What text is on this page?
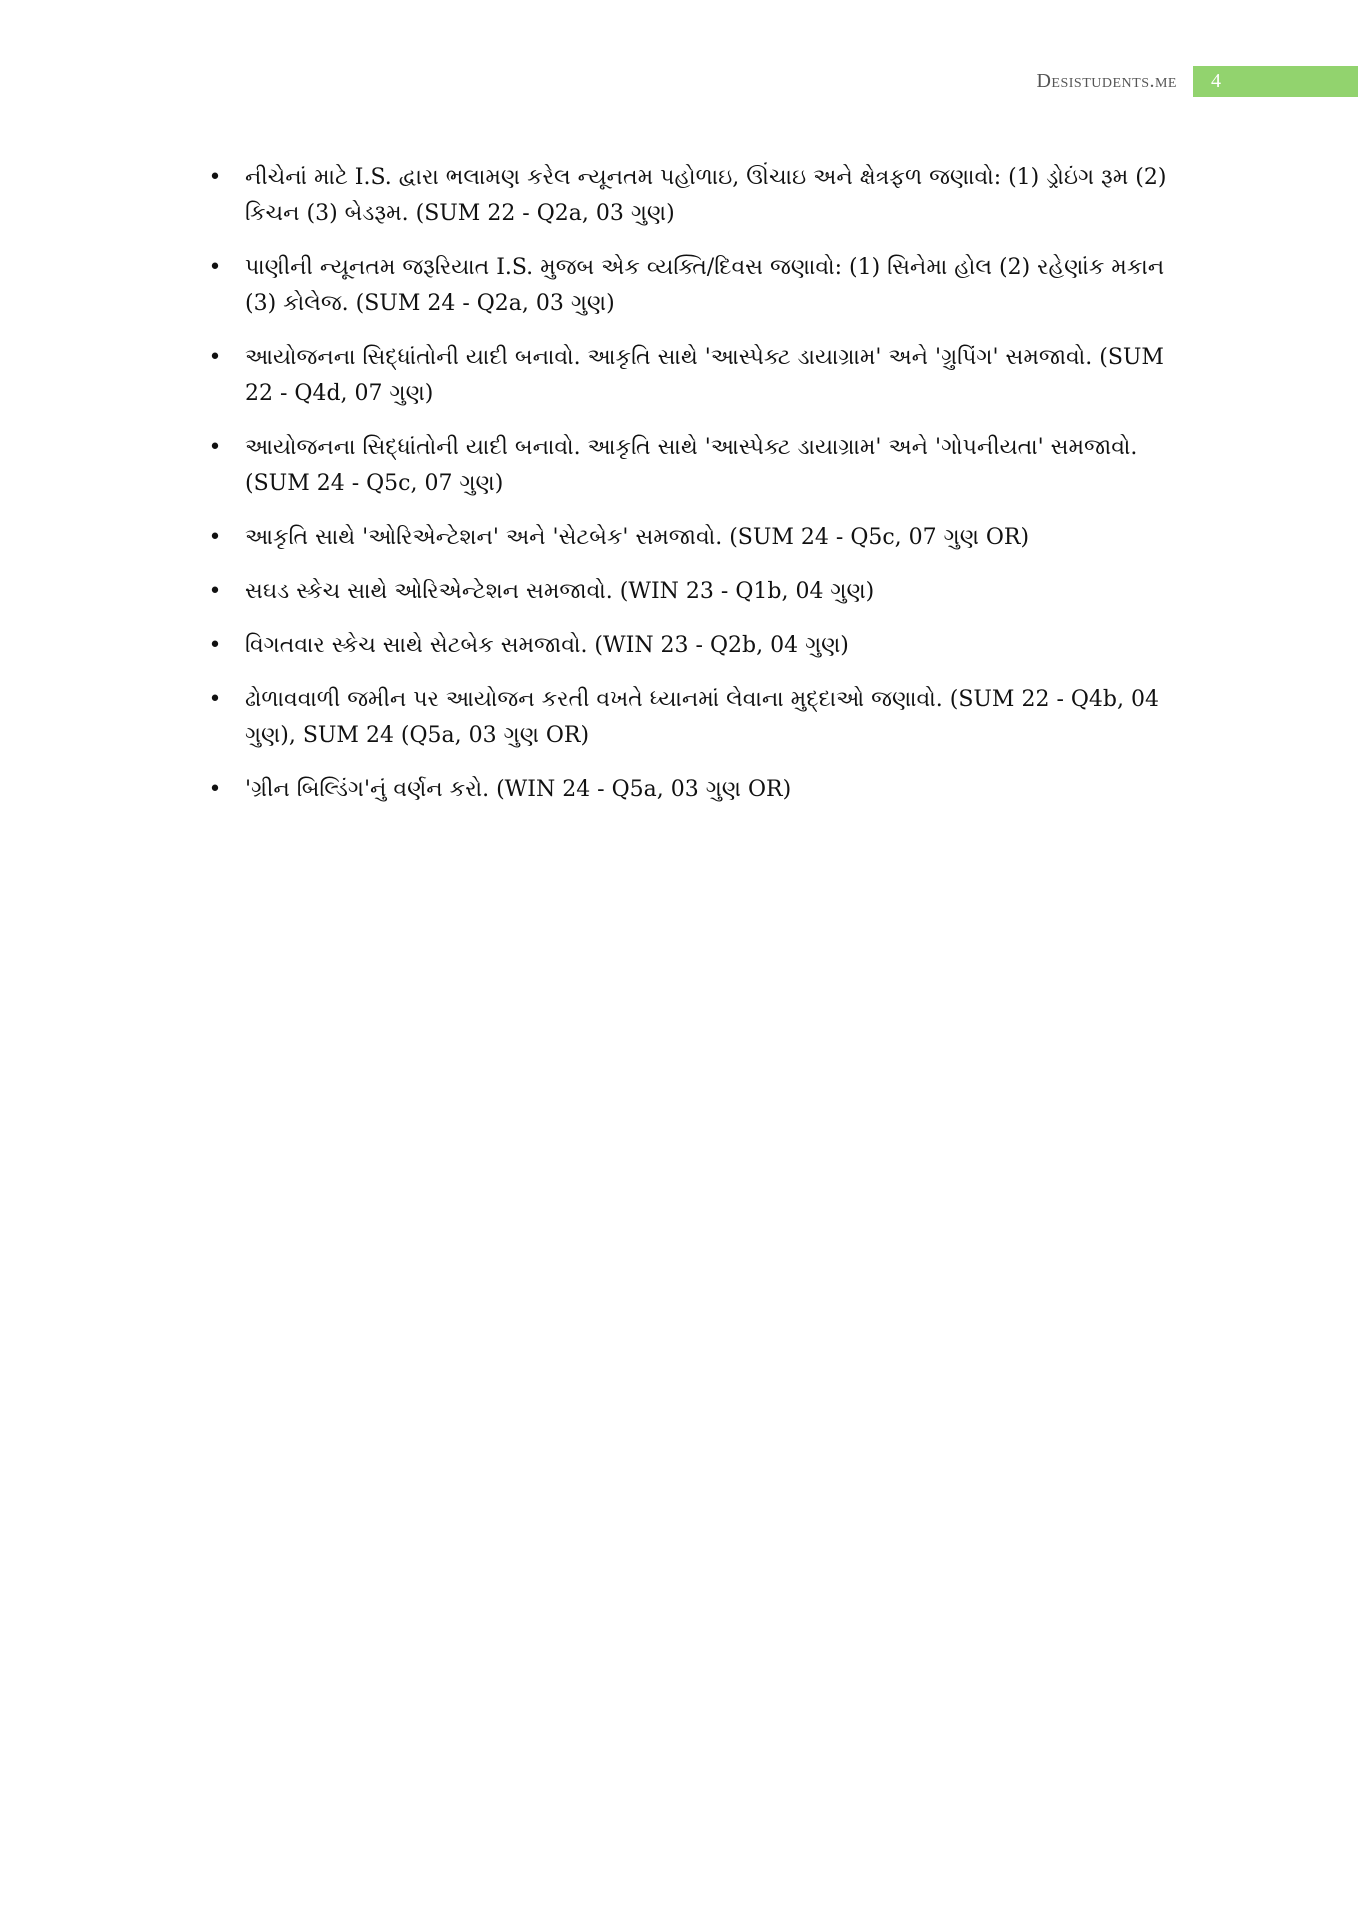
Desistudents.me	4
• નીચેનાં માટે I.S. દ્વારા ભલામણ કરેલ ન્યૂનતમ પહોળાઇ, ઊંચાઇ અને ક્ષેત્રફળ જણાવો: (1) ડ્રોઇંગ રૂમ (2) કિચન (3) બેડરૂમ. (SUM 22 - Q2a, 03 ગુણ)
• પાણીની ન્યૂનતમ જરૂરિયાત I.S. મુજબ એક વ્યક્તિ/દિવસ જણાવો: (1) સિનેમા હોલ (2) રહેણાંક મકાન (3) કોલેજ. (SUM 24 - Q2a, 03 ગુણ)
• આયોજનના સિદ્ધાંતોની યાદી બનાવો. આકૃતિ સાથે 'આસ્પેક્ટ ડાયાગ્રામ' અને 'ગ્રુપિંગ' સમજાવો. (SUM 22 - Q4d, 07 ગુણ)
• આયોજનના સિદ્ધાંતોની યાદી બનાવો. આકૃતિ સાથે 'આસ્પેક્ટ ડાયાગ્રામ' અને 'ગોપનીયતા' સમજાવો. (SUM 24 - Q5c, 07 ગુણ)
• આકૃતિ સાથે 'ઓરિએન્ટેશન' અને 'સેટબેક' સમજાવો. (SUM 24 - Q5c, 07 ગુણ OR)
• સઘડ સ્કેચ સાથે ઓરિએન્ટેશન સમજાવો. (WIN 23 - Q1b, 04 ગુણ)
• વિગતવાર સ્કેચ સાથે સેટબેક સમજાવો. (WIN 23 - Q2b, 04 ગુણ)
• ઢોળાવવાળી જમીન પર આયોજન કરતી વખતે ધ્યાનમાં લેવાના મુદ્દાઓ જણાવો. (SUM 22 - Q4b, 04 ગુણ), SUM 24 (Q5a, 03 ગુણ OR)
• 'ગ્રીન બિલ્ડિંગ'નું વર્ણન કરો. (WIN 24 - Q5a, 03 ગુણ OR)
